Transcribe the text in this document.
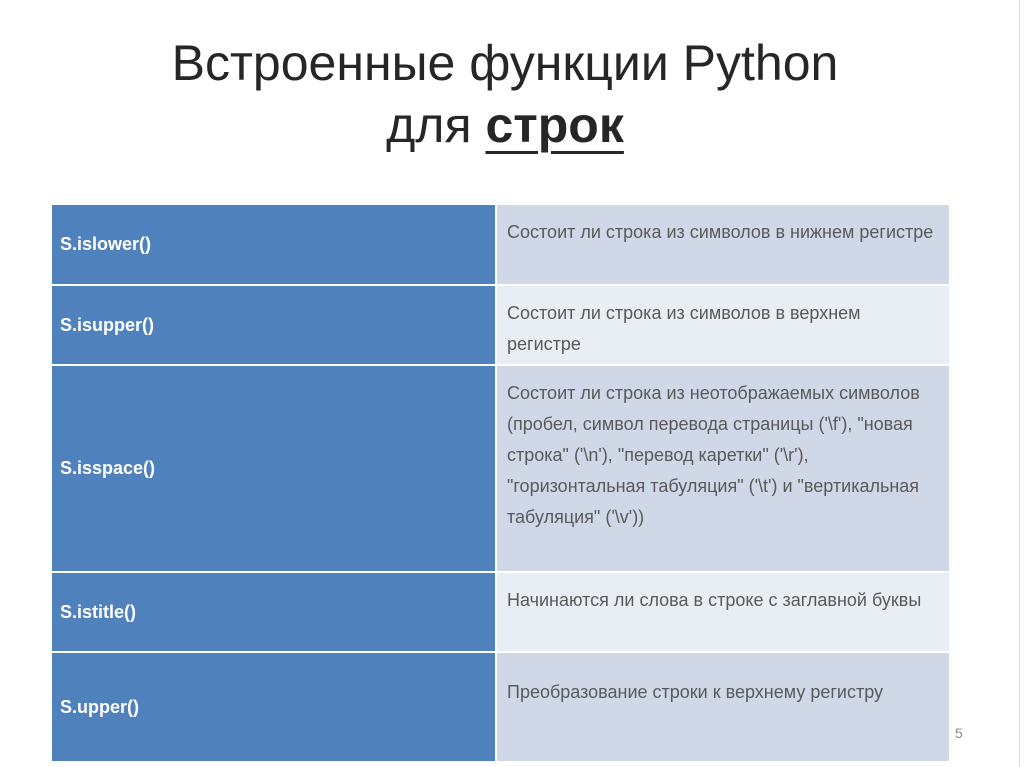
Встроенные функции Python
для строк
S.islower()
Состоит ли строка из символов в нижнем регистре
S.isupper()
Состоит ли строка из символов в верхнем регистре
S.isspace()
Состоит ли строка из неотображаемых символов (пробел, символ перевода страницы ('\f'), "новая строка" ('\n'), "перевод каретки" ('\r'), "горизонтальная табуляция" ('\t') и "вертикальная табуляция" ('\v'))
S.istitle()
Начинаются ли слова в строке с заглавной буквы
S.upper()
Преобразование строки к верхнему регистру
5
